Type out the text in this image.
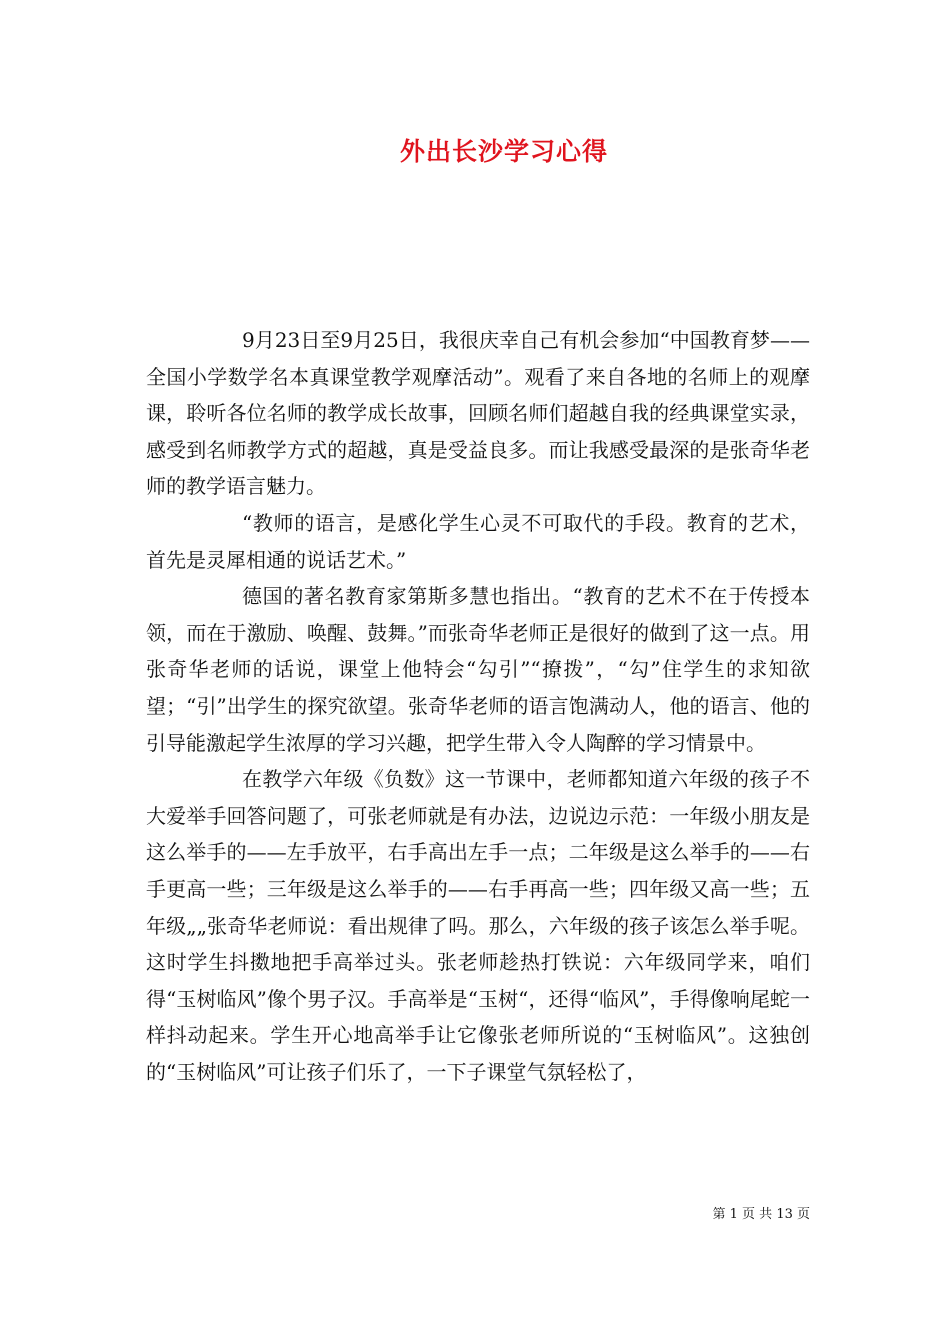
外出长沙学习心得

9月23日至9月25日，我很庆幸自己有机会参加“中国教育梦——全国小学数学名本真课堂教学观摩活动”。观看了来自各地的名师上的观摩课，聆听各位名师的教学成长故事，回顾名师们超越自我的经典课堂实录，感受到名师教学方式的超越，真是受益良多。而让我感受最深的是张奇华老师的教学语言魅力。

“教师的语言，是感化学生心灵不可取代的手段。教育的艺术，首先是灵犀相通的说话艺术。”

德国的著名教育家第斯多慧也指出。“教育的艺术不在于传授本领，而在于激励、唤醒、鼓舞。”而张奇华老师正是很好的做到了这一点。用张奇华老师的话说，课堂上他特会“勾引”“撩拨”，“勾”住学生的求知欲望；“引”出学生的探究欲望。张奇华老师的语言饱满动人，他的语言、他的引导能激起学生浓厚的学习兴趣，把学生带入令人陶醉的学习情景中。

在教学六年级《负数》这一节课中，老师都知道六年级的孩子不大爱举手回答问题了，可张老师就是有办法，边说边示范：一年级小朋友是这么举手的——左手放平，右手高出左手一点；二年级是这么举手的——右手更高一些；三年级是这么举手的——右手再高一些；四年级又高一些；五年级„„张奇华老师说：看出规律了吗。那么，六年级的孩子该怎么举手呢。这时学生抖擞地把手高举过头。张老师趁热打铁说：六年级同学来，咱们得“玉树临风”像个男子汉。手高举是“玉树“，还得“临风”，手得像响尾蛇一样抖动起来。学生开心地高举手让它像张老师所说的“玉树临风”。这独创的“玉树临风”可让孩子们乐了，一下子课堂气氛轻松了，

第 1 页 共 13 页
